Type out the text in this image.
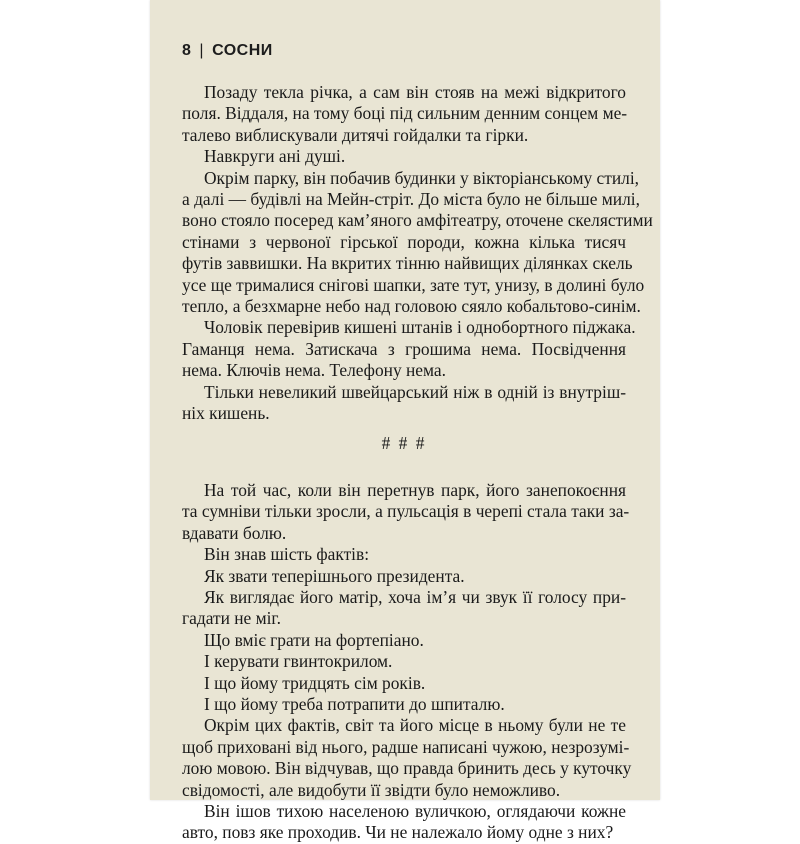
8 | СОСНИ
Позаду текла річка, а сам він стояв на межі відкритого
поля. Віддаля, на тому боці під сильним денним сонцем ме-
талево виблискували дитячі гойдалки та гірки.
Навкруги ані душі.
Окрім парку, він побачив будинки у вікторіанському стилі,
а далі — будівлі на Мейн-стріт. До міста було не більше милі,
воно стояло посеред кам’яного амфітеатру, оточене скелястими
стінами з червоної гірської породи, кожна кілька тисяч
футів заввишки. На вкритих тінню найвищих ділянках скель
усе ще трималися снігові шапки, зате тут, унизу, в долині було
тепло, а безхмарне небо над головою сяяло кобальтово-синім.
Чоловік перевірив кишені штанів і однобортного піджака.
Гаманця нема. Затискача з грошима нема. Посвідчення
нема. Ключів нема. Телефону нема.
Тільки невеликий швейцарський ніж в одній із внутріш-
ніх кишень.
# # #
На той час, коли він перетнув парк, його занепокоєння
та сумніви тільки зросли, а пульсація в черепі стала таки за-
вдавати болю.
Він знав шість фактів:
Як звати теперішнього президента.
Як виглядає його матір, хоча ім’я чи звук її голосу при-
гадати не міг.
Що вміє грати на фортепіано.
І керувати гвинтокрилом.
І що йому тридцять сім років.
І що йому треба потрапити до шпиталю.
Окрім цих фактів, світ та його місце в ньому були не те
щоб приховані від нього, радше написані чужою, незрозумі-
лою мовою. Він відчував, що правда бринить десь у куточку
свідомості, але видобути її звідти було неможливо.
Він ішов тихою населеною вуличкою, оглядаючи кожне
авто, повз яке проходив. Чи не належало йому одне з них?
